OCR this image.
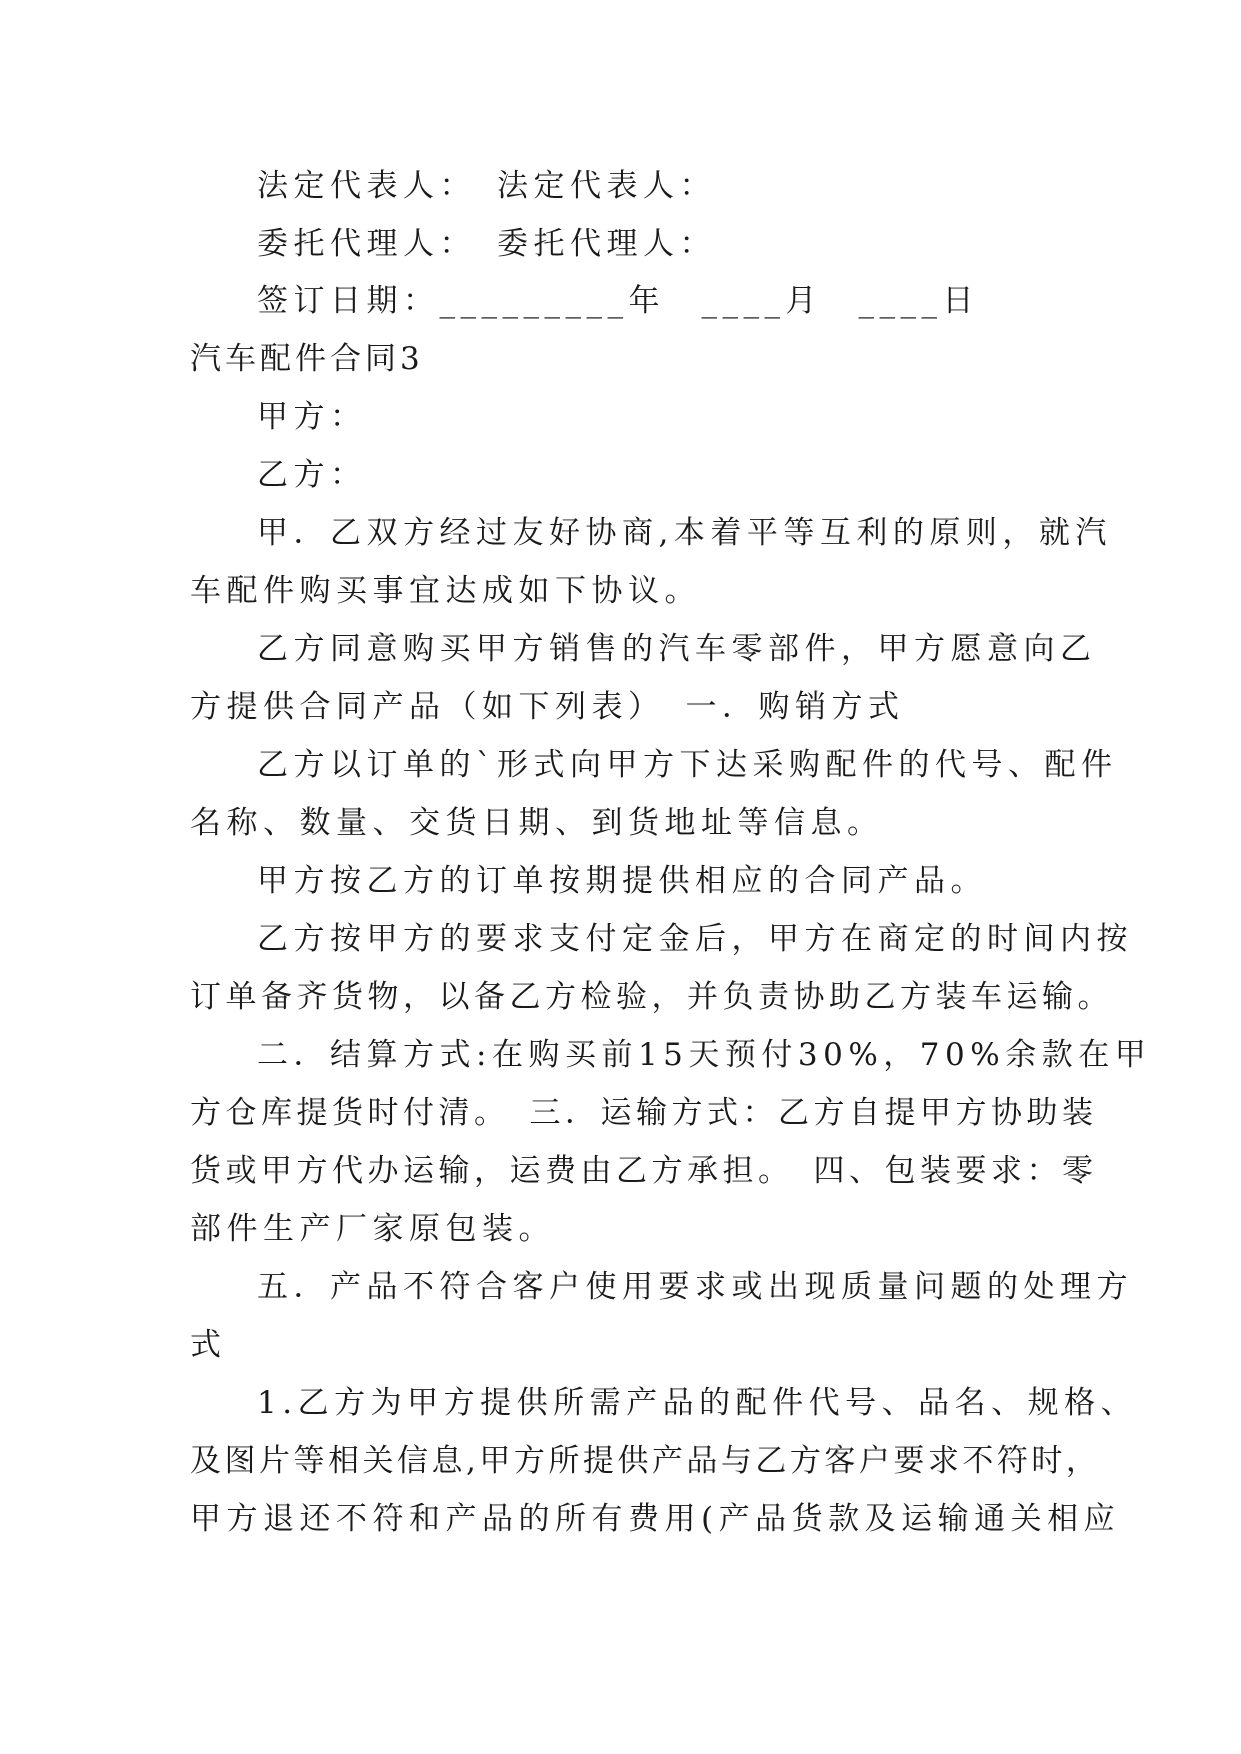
法定代表人：　法定代表人：
委托代理人：　委托代理人：
签订日期：_________年　____月　____日
汽车配件合同3
甲方：
乙方：
甲．乙双方经过友好协商,本着平等互利的原则，就汽
车配件购买事宜达成如下协议。
乙方同意购买甲方销售的汽车零部件，甲方愿意向乙
方提供合同产品（如下列表）　一．购销方式
乙方以订单的`形式向甲方下达采购配件的代号、配件
名称、数量、交货日期、到货地址等信息。
甲方按乙方的订单按期提供相应的合同产品。
乙方按甲方的要求支付定金后，甲方在商定的时间内按
订单备齐货物，以备乙方检验，并负责协助乙方装车运输。
二．结算方式:在购买前15天预付30%，70%余款在甲
方仓库提货时付清。　三．运输方式：乙方自提甲方协助装
货或甲方代办运输，运费由乙方承担。　四、包装要求：零
部件生产厂家原包装。
五．产品不符合客户使用要求或出现质量问题的处理方
式
1.乙方为甲方提供所需产品的配件代号、品名、规格、
及图片等相关信息,甲方所提供产品与乙方客户要求不符时，
甲方退还不符和产品的所有费用(产品货款及运输通关相应
